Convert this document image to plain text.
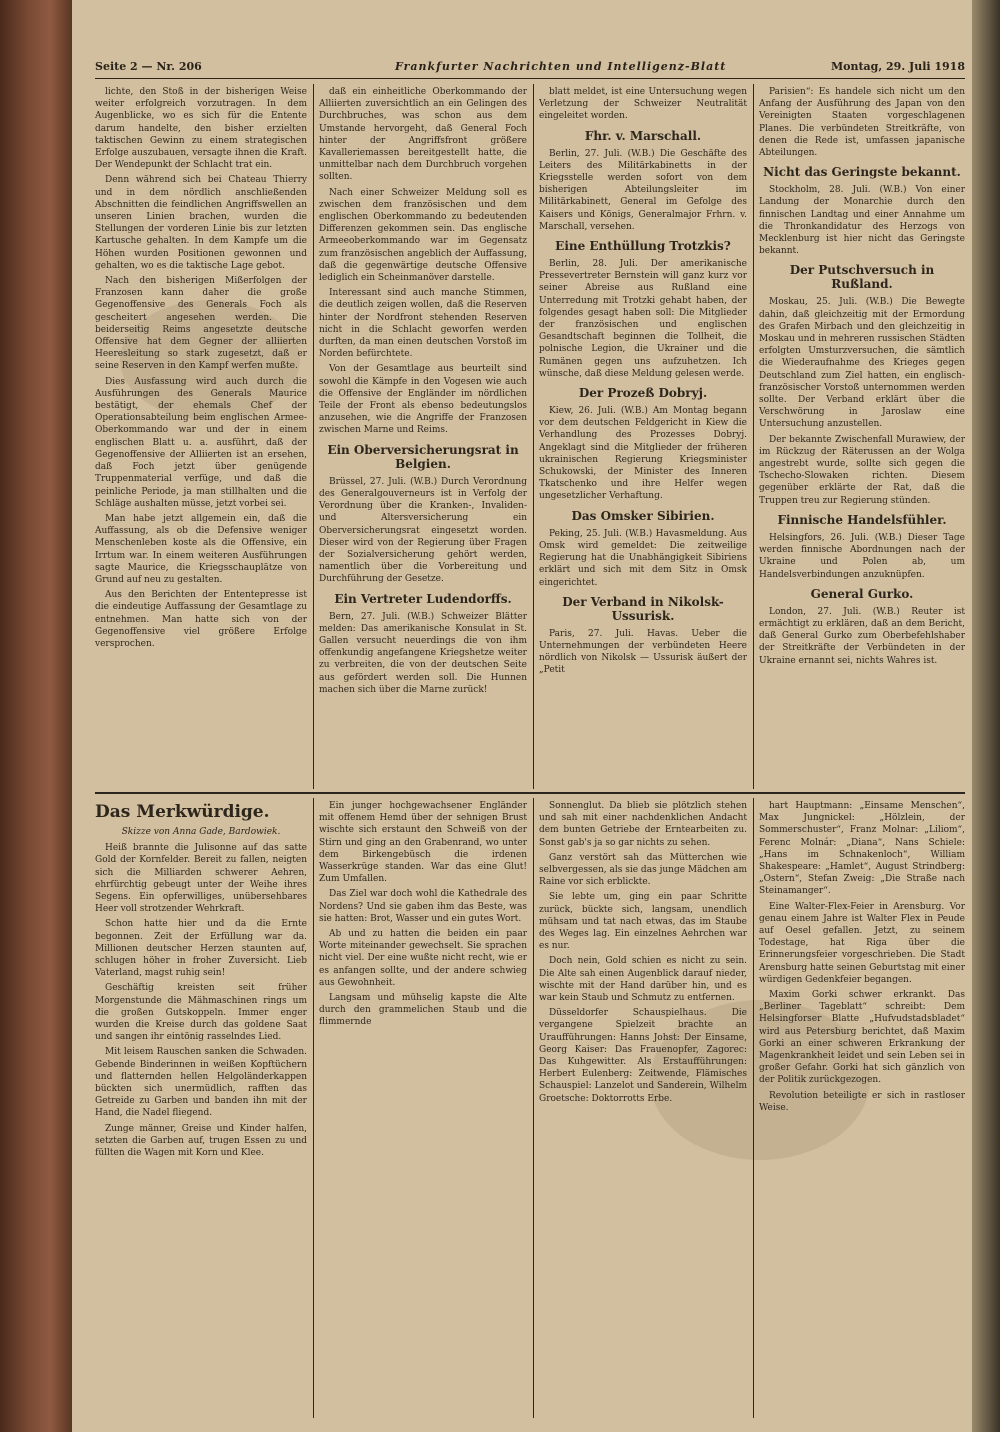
Seite 2 — Nr. 206	Frankfurter Nachrichten und Intelligenz-Blatt	Montag, 29. Juli 1918

lichte, den Stoß in der bisherigen Weise weiter erfolgreich vorzutragen. In dem Augenblicke, wo es sich für die Entente darum handelte, den bisher erzielten taktischen Gewinn zu einem strategischen Erfolge auszubauen, versagte ihnen die Kraft. Der Wendepunkt der Schlacht trat ein.

Denn während sich bei Chateau Thierry und in dem nördlich anschließenden Abschnitten die feindlichen Angriffswellen an unseren Linien brachen, wurden die Stellungen der vorderen Linie bis zur letzten Kartusche gehalten. In dem Kampfe um die Höhen wurden Positionen gewonnen und gehalten, wo es die taktische Lage gebot.

Nach den bisherigen Mißerfolgen der Franzosen kann daher die große Gegenoffensive des Generals Foch als gescheitert angesehen werden. Die beiderseitig Reims angesetzte deutsche Offensive hat dem Gegner der alliierten Heeresleitung so stark zugesetzt, daß er seine Reserven in den Kampf werfen mußte.

Dies Ausfassung wird auch durch die Ausführungen des Generals Maurice bestätigt, der ehemals Chef der Operationsabteilung beim englischen Armee-Oberkommando war und der in einem englischen Blatt u. a. ausführt, daß der Gegenoffensive der Alliierten ist an ersehen, daß Foch jetzt über genügende Truppenmaterial verfüge, und daß die peinliche Periode, ja man stillhalten und die Schläge aushalten müsse, jetzt vorbei sei.

Man habe jetzt allgemein ein, daß die Auffassung, als ob die Defensive weniger Menschenleben koste als die Offensive, ein Irrtum war. In einem weiteren Ausführungen sagte Maurice, die Kriegsschauplätze von Grund auf neu zu gestalten.

Aus den Berichten der Ententepresse ist die eindeutige Auffassung der Gesamtlage zu entnehmen. Man hatte sich von der Gegenoffensive viel größere Erfolge versprochen.

daß ein einheitliche Oberkommando der Alliierten zuversichtlich an ein Gelingen des Durchbruches, was schon aus dem Umstande hervorgeht, daß General Foch hinter der Angriffsfront größere Kavalleriemassen bereitgestellt hatte, die unmittelbar nach dem Durchbruch vorgehen sollten.

Nach einer Schweizer Meldung soll es zwischen dem französischen und dem englischen Oberkommando zu bedeutenden Differenzen gekommen sein. Das englische Armeeoberkommando war im Gegensatz zum französischen angeblich der Auffassung, daß die gegenwärtige deutsche Offensive lediglich ein Scheinmanöver darstelle.

Interessant sind auch manche Stimmen, die deutlich zeigen wollen, daß die Reserven hinter der Nordfront stehenden Reserven nicht in die Schlacht geworfen werden durften, da man einen deutschen Vorstoß im Norden befürchtete.

Von der Gesamtlage aus beurteilt sind sowohl die Kämpfe in den Vogesen wie auch die Offensive der Engländer im nördlichen Teile der Front als ebenso bedeutungslos anzusehen, wie die Angriffe der Franzosen zwischen Marne und Reims.

Ein Oberversicherungsrat in Belgien.

Brüssel, 27. Juli. (W.B.) Durch Verordnung des Generalgouverneurs ist in Verfolg der Verordnung über die Kranken-, Invaliden- und Altersversicherung ein Oberversicherungsrat eingesetzt worden. Dieser wird von der Regierung über Fragen der Sozialversicherung gehört werden, namentlich über die Vorbereitung und Durchführung der Gesetze.

Ein Vertreter Ludendorffs.

Bern, 27. Juli. (W.B.) Schweizer Blätter melden: Das amerikanische Konsulat in St. Gallen versucht neuerdings die von ihm offenkundig angefangene Kriegshetze weiter zu verbreiten, die von der deutschen Seite aus gefördert werden soll. Die Hunnen machen sich über die Marne zurück!

blatt meldet, ist eine Untersuchung wegen Verletzung der Schweizer Neutralität eingeleitet worden.

Fhr. v. Marschall.

Berlin, 27. Juli. (W.B.) Die Geschäfte des Leiters des Militärkabinetts in der Kriegsstelle werden sofort von dem bisherigen Abteilungsleiter im Militärkabinett, General im Gefolge des Kaisers und Königs, Generalmajor Frhrn. v. Marschall, versehen.

Eine Enthüllung Trotzkis?

Berlin, 28. Juli. Der amerikanische Pressevertreter Bernstein will ganz kurz vor seiner Abreise aus Rußland eine Unterredung mit Trotzki gehabt haben, der folgendes gesagt haben soll: Die Mitglieder der französischen und englischen Gesandtschaft beginnen die Tollheit, die polnische Legion, die Ukrainer und die Rumänen gegen uns aufzuhetzen. Ich wünsche, daß diese Meldung gelesen werde.

Der Prozeß Dobryj.

Kiew, 26. Juli. (W.B.) Am Montag begann vor dem deutschen Feldgericht in Kiew die Verhandlung des Prozesses Dobryj. Angeklagt sind die Mitglieder der früheren ukrainischen Regierung Kriegsminister Schukowski, der Minister des Inneren Tkatschenko und ihre Helfer wegen ungesetzlicher Verhaftung.

Das Omsker Sibirien.

Peking, 25. Juli. (W.B.) Havasmeldung. Aus Omsk wird gemeldet: Die zeitweilige Regierung hat die Unabhängigkeit Sibiriens erklärt und sich mit dem Sitz in Omsk eingerichtet.

Der Verband in Nikolsk-Ussurisk.

Paris, 27. Juli. Havas. Ueber die Unternehmungen der verbündeten Heere nördlich von Nikolsk — Ussurisk äußert der „Petit

Parisien“: Es handele sich nicht um den Anfang der Ausführung des Japan von den Vereinigten Staaten vorgeschlagenen Planes. Die verbündeten Streitkräfte, von denen die Rede ist, umfassen japanische Abteilungen.

Nicht das Geringste bekannt.

Stockholm, 28. Juli. (W.B.) Von einer Landung der Monarchie durch den finnischen Landtag und einer Annahme um die Thronkandidatur des Herzogs von Mecklenburg ist hier nicht das Geringste bekannt.

Der Putschversuch in Rußland.

Moskau, 25. Juli. (W.B.) Die Bewegte dahin, daß gleichzeitig mit der Ermordung des Grafen Mirbach und den gleichzeitig in Moskau und in mehreren russischen Städten erfolgten Umsturzversuchen, die sämtlich die Wiederaufnahme des Krieges gegen Deutschland zum Ziel hatten, ein englisch-französischer Vorstoß unternommen werden sollte. Der Verband erklärt über die Verschwörung in Jaroslaw eine Untersuchung anzustellen.

Der bekannte Zwischenfall Murawiew, der im Rückzug der Räterussen an der Wolga angestrebt wurde, sollte sich gegen die Tschecho-Slowaken richten. Diesem gegenüber erklärte der Rat, daß die Truppen treu zur Regierung stünden.

Finnische Handelsfühler.

Helsingfors, 26. Juli. (W.B.) Dieser Tage werden finnische Abordnungen nach der Ukraine und Polen ab, um Handelsverbindungen anzuknüpfen.

General Gurko.

London, 27. Juli. (W.B.) Reuter ist ermächtigt zu erklären, daß an dem Bericht, daß General Gurko zum Oberbefehlshaber der Streitkräfte der Verbündeten in der Ukraine ernannt sei, nichts Wahres ist.

Das Merkwürdige.
Skizze von Anna Gade, Bardowiek.

Heiß brannte die Julisonne auf das satte Gold der Kornfelder. Bereit zu fallen, neigten sich die Milliarden schwerer Aehren, ehrfürchtig gebeugt unter der Weihe ihres Segens. Ein opferwilliges, unübersehbares Heer voll strotzender Wehrkraft.

Schon hatte hier und da die Ernte begonnen. Zeit der Erfüllung war da. Millionen deutscher Herzen staunten auf, schlugen höher in froher Zuversicht. Lieb Vaterland, magst ruhig sein!

Geschäftig kreisten seit früher Morgenstunde die Mähmaschinen rings um die großen Gutskoppeln. Immer enger wurden die Kreise durch das goldene Saat und sangen ihr eintönig rasselndes Lied.

Mit leisem Rauschen sanken die Schwaden. Gebende Binderinnen in weißen Kopftüchern und flatternden hellen Helgoländerkappen bückten sich unermüdlich, rafften das Getreide zu Garben und banden ihn mit der Hand, die Nadel fliegend.

Zunge männer, Greise und Kinder halfen, setzten die Garben auf, trugen Essen zu und füllten die Wagen mit Korn und Klee.

Ein junger hochgewachsener Engländer mit offenem Hemd über der sehnigen Brust wischte sich erstaunt den Schweiß von der Stirn und ging an den Grabenrand, wo unter dem Birkengebüsch die irdenen Wasserkrüge standen. War das eine Glut! Zum Umfallen.

Das Ziel war doch wohl die Kathedrale des Nordens? Und sie gaben ihm das Beste, was sie hatten: Brot, Wasser und ein gutes Wort.

Ab und zu hatten die beiden ein paar Worte miteinander gewechselt. Sie sprachen nicht viel. Der eine wußte nicht recht, wie er es anfangen sollte, und der andere schwieg aus Gewohnheit.

Langsam und mühselig kapste die Alte durch den grammelichen Staub und die flimmernde

Sonnenglut. Da blieb sie plötzlich stehen und sah mit einer nachdenklichen Andacht dem bunten Getriebe der Erntearbeiten zu. Sonst gab's ja so gar nichts zu sehen.

Ganz verstört sah das Mütterchen wie selbvergessen, als sie das junge Mädchen am Raine vor sich erblickte.

Sie lebte um, ging ein paar Schritte zurück, bückte sich, langsam, unendlich mühsam und tat nach etwas, das im Staube des Weges lag. Ein einzelnes Aehrchen war es nur.

Doch nein, Gold schien es nicht zu sein. Die Alte sah einen Augenblick darauf nieder, wischte mit der Hand darüber hin, und es war kein Staub und Schmutz zu entfernen.

Düsseldorfer Schauspielhaus. Die vergangene Spielzeit brachte an Uraufführungen: Hanns Johst: Der Einsame, Georg Kaiser: Das Frauenopfer, Zagorec: Das Kuhgewitter. Als Erstaufführungen: Herbert Eulenberg: Zeitwende, Flämisches Schauspiel: Lanzelot und Sanderein, Wilhelm Groetsche: Doktorrotts Erbe.

hart Hauptmann: „Einsame Menschen“, Max Jungnickel: „Hölzlein, der Sommerschuster“, Franz Molnar: „Liliom“, Ferenc Molnár: „Diana“, Nans Schiele: „Hans im Schnakenloch“, William Shakespeare: „Hamlet“, August Strindberg: „Ostern“, Stefan Zweig: „Die Straße nach Steinamanger“.

Eine Walter-Flex-Feier in Arensburg. Vor genau einem Jahre ist Walter Flex in Peude auf Oesel gefallen. Jetzt, zu seinem Todestage, hat Riga über die Erinnerungsfeier vorgeschrieben. Die Stadt Arensburg hatte seinen Geburtstag mit einer würdigen Gedenkfeier begangen.

Maxim Gorki schwer erkrankt. Das „Berliner Tageblatt“ schreibt: Dem Helsingforser Blatte „Hufvudstadsbladet“ wird aus Petersburg berichtet, daß Maxim Gorki an einer schweren Erkrankung der Magenkrankheit leidet und sein Leben sei in großer Gefahr. Gorki hat sich gänzlich von der Politik zurückgezogen.

Revolution beteiligte er sich in rastloser Weise.
